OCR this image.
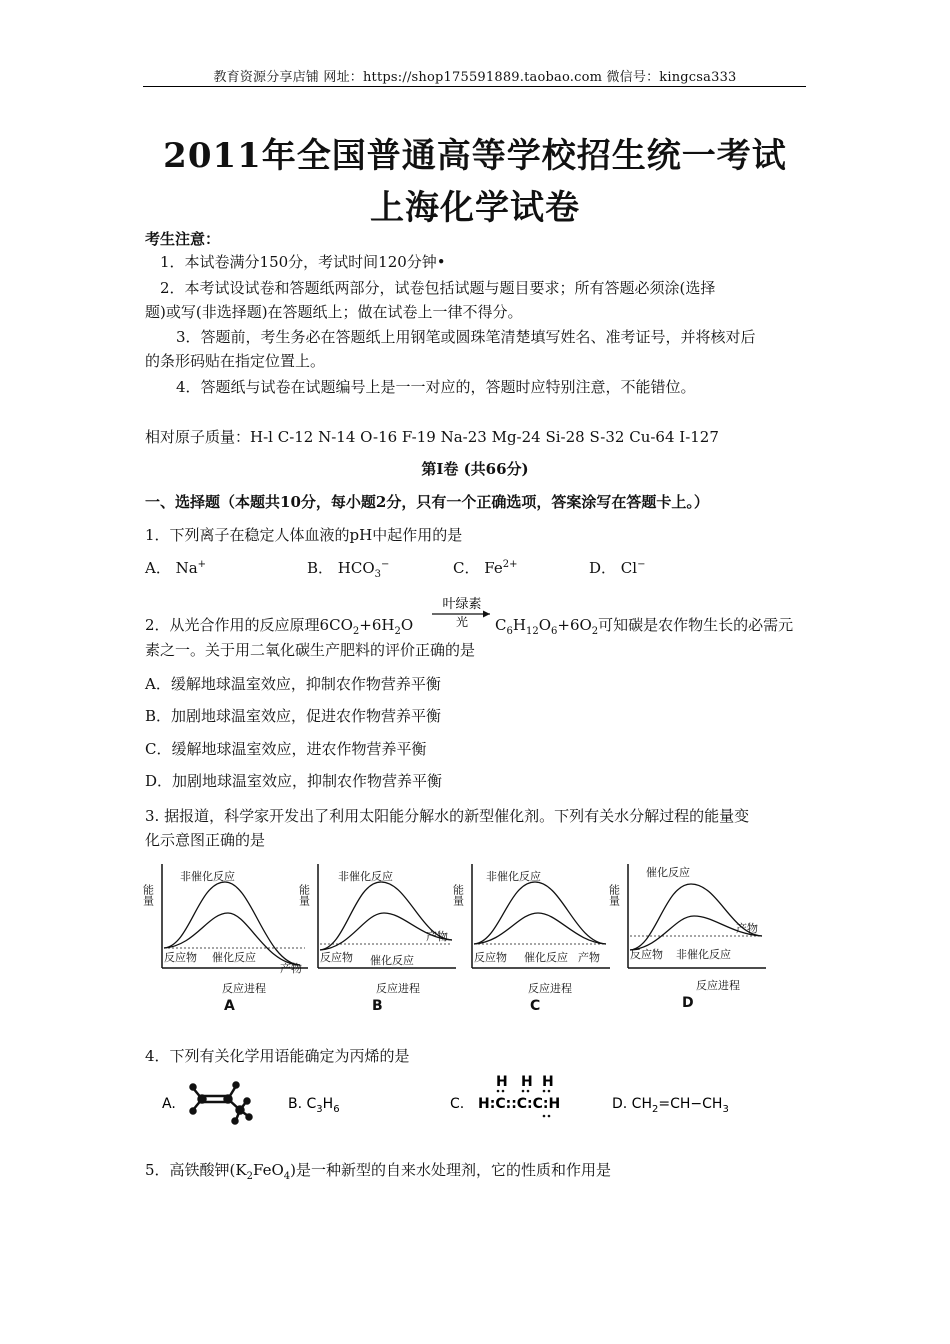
教育资源分享店铺 网址：https://shop175591889.taobao.com 微信号：kingcsa333
2011年全国普通高等学校招生统一考试
上海化学试卷
考生注意：
1．本试卷满分150分，考试时间120分钟•
2．本考试设试卷和答题纸两部分，试卷包括试题与题目要求；所有答题必须涂(选择
题)或写(非选择题)在答题纸上；做在试卷上一律不得分。
3．答题前，考生务必在答题纸上用钢笔或圆珠笔清楚填写姓名、准考证号，并将核对后
的条形码贴在指定位置上。
4．答题纸与试卷在试题编号上是一一对应的，答题时应特别注意，不能错位。
相对原子质量：H-l C-12 N-14 O-16 F-19 Na-23 Mg-24 Si-28 S-32 Cu-64 I-127
第Ⅰ卷 (共66分)
一、选择题（本题共10分，每小题2分，只有一个正确选项，答案涂写在答题卡上。）
1．下列离子在稳定人体血液的pH中起作用的是
A． Na+	B． $HCO_3^-$	C． $Fe^{2+}$	D． Cl−
2．从光合作用的反应原理$6CO_2+6H_2O$
叶绿素
光 $C_6H_{12}O_6+6O_2$可知碳是农作物生长的必需元
素之一。关于用二氧化碳生产肥料的评价正确的是
A．缓解地球温室效应，抑制农作物营养平衡
B．加剧地球温室效应，促进农作物营养平衡
C．缓解地球温室效应，进农作物营养平衡
D．加剧地球温室效应，抑制农作物营养平衡
3. 据报道，科学家开发出了利用太阳能分解水的新型催化剂。下列有关水分解过程的能量变
化示意图正确的是
能量
非催化反应
反应物 催化反应
产物
反应进程
A
能量
非催化反应
反应物 催化反应
产物
反应进程
B
能量
非催化反应
反应物 催化反应 产物
反应进程
C
能量
催化反应
反应物 非催化反应
产物
反应进程
D
4．下列有关化学用语能确定为丙烯的是
A.	B. $C_3H_6$	C. H:C::C:C:H
H H H
D. $CH_2=CH-CH_3$
5．高铁酸钾$(K_2FeO_4)$是一种新型的自来水处理剂，它的性质和作用是
